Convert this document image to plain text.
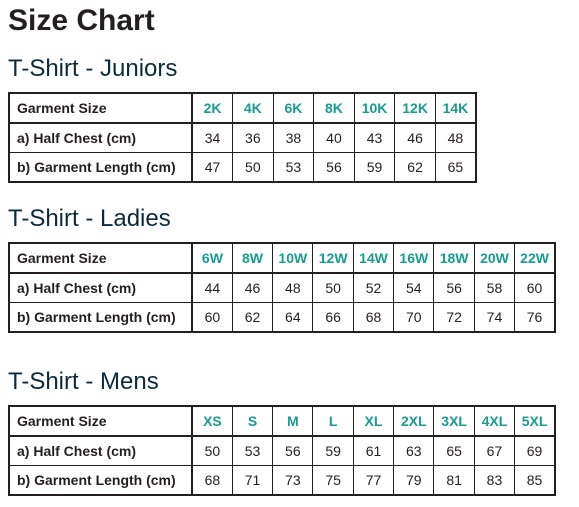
Size Chart
T-Shirt - Juniors
Garment Size	2K	4K	6K	8K	10K	12K	14K
a) Half Chest (cm)	34	36	38	40	43	46	48
b) Garment Length (cm)	47	50	53	56	59	62	65
T-Shirt - Ladies
Garment Size	6W	8W	10W	12W	14W	16W	18W	20W	22W
a) Half Chest (cm)	44	46	48	50	52	54	56	58	60
b) Garment Length (cm)	60	62	64	66	68	70	72	74	76
T-Shirt - Mens
Garment Size	XS	S	M	L	XL	2XL	3XL	4XL	5XL
a) Half Chest (cm)	50	53	56	59	61	63	65	67	69
b) Garment Length (cm)	68	71	73	75	77	79	81	83	85
